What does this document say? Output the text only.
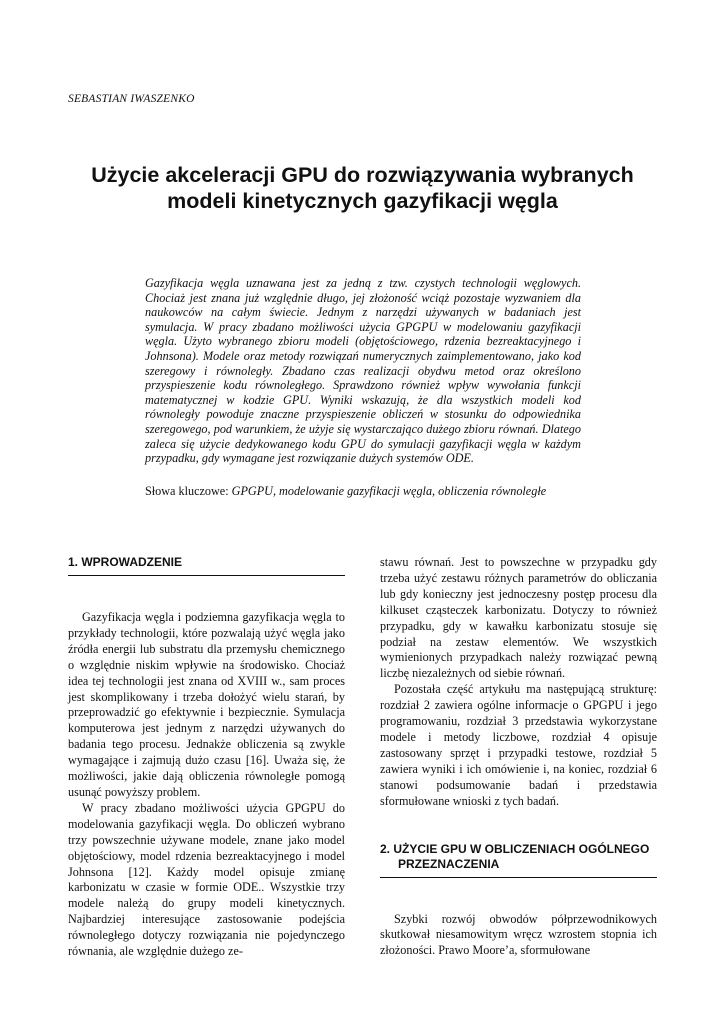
SEBASTIAN IWASZENKO
Użycie akceleracji GPU do rozwiązywania wybranych
modeli kinetycznych gazyfikacji węgla
Gazyfikacja węgla uznawana jest za jedną z tzw. czystych technologii węglowych. Chociaż jest znana już względnie długo, jej złożoność wciąż pozostaje wyzwaniem dla naukowców na całym świecie. Jednym z narzędzi używanych w badaniach jest symulacja. W pracy zbadano możliwości użycia GPGPU w modelowaniu gazyfikacji węgla. Użyto wybranego zbioru modeli (objętościowego, rdzenia bezreaktacyjnego i Johnsona). Modele oraz metody rozwiązań numerycznych zaimplementowano, jako kod szeregowy i równoległy. Zbadano czas realizacji obydwu metod oraz określono przyspieszenie kodu równoległego. Sprawdzono również wpływ wywołania funkcji matematycznej w kodzie GPU. Wyniki wskazują, że dla wszystkich modeli kod równoległy powoduje znaczne przyspieszenie obliczeń w stosunku do odpowiednika szeregowego, pod warunkiem, że użyje się wystarczająco dużego zbioru równań. Dlatego zaleca się użycie dedykowanego kodu GPU do symulacji gazyfikacji węgla w każdym przypadku, gdy wymagane jest rozwiązanie dużych systemów ODE.
Słowa kluczowe: GPGPU, modelowanie gazyfikacji węgla, obliczenia równoległe
1. WPROWADZENIE

Gazyfikacja węgla i podziemna gazyfikacja węgla to przykłady technologii, które pozwalają użyć węgla jako źródła energii lub substratu dla przemysłu chemicznego o względnie niskim wpływie na środowisko. Chociaż idea tej technologii jest znana od XVIII w., sam proces jest skomplikowany i trzeba dołożyć wielu starań, by przeprowadzić go efektywnie i bezpiecznie. Symulacja komputerowa jest jednym z narzędzi używanych do badania tego procesu. Jednakże obliczenia są zwykle wymagające i zajmują dużo czasu [16]. Uważa się, że możliwości, jakie dają obliczenia równoległe pomogą usunąć powyższy problem.

W pracy zbadano możliwości użycia GPGPU do modelowania gazyfikacji węgla. Do obliczeń wybrano trzy powszechnie używane modele, znane jako model objętościowy, model rdzenia bezreaktacyjnego i model Johnsona [12]. Każdy model opisuje zmianę karbonizatu w czasie w formie ODE.. Wszystkie trzy modele należą do grupy modeli kinetycznych. Najbardziej interesujące zastosowanie podejścia równoległego dotyczy rozwiązania nie pojedynczego równania, ale względnie dużego ze-

stawu równań. Jest to powszechne w przypadku gdy trzeba użyć zestawu różnych parametrów do obliczania lub gdy konieczny jest jednoczesny postęp procesu dla kilkuset cząsteczek karbonizatu. Dotyczy to również przypadku, gdy w kawałku karbonizatu stosuje się podział na zestaw elementów. We wszystkich wymienionych przypadkach należy rozwiązać pewną liczbę niezależnych od siebie równań.

Pozostała część artykułu ma następującą strukturę: rozdział 2 zawiera ogólne informacje o GPGPU i jego programowaniu, rozdział 3 przedstawia wykorzystane modele i metody liczbowe, rozdział 4 opisuje zastosowany sprzęt i przypadki testowe, rozdział 5 zawiera wyniki i ich omówienie i, na koniec, rozdział 6 stanowi podsumowanie badań i przedstawia sformułowane wnioski z tych badań.

2. UŻYCIE GPU W OBLICZENIACH OGÓLNEGO PRZEZNACZENIA

Szybki rozwój obwodów półprzewodnikowych skutkował niesamowitym wręcz wzrostem stopnia ich złożoności. Prawo Moore’a, sformułowane
